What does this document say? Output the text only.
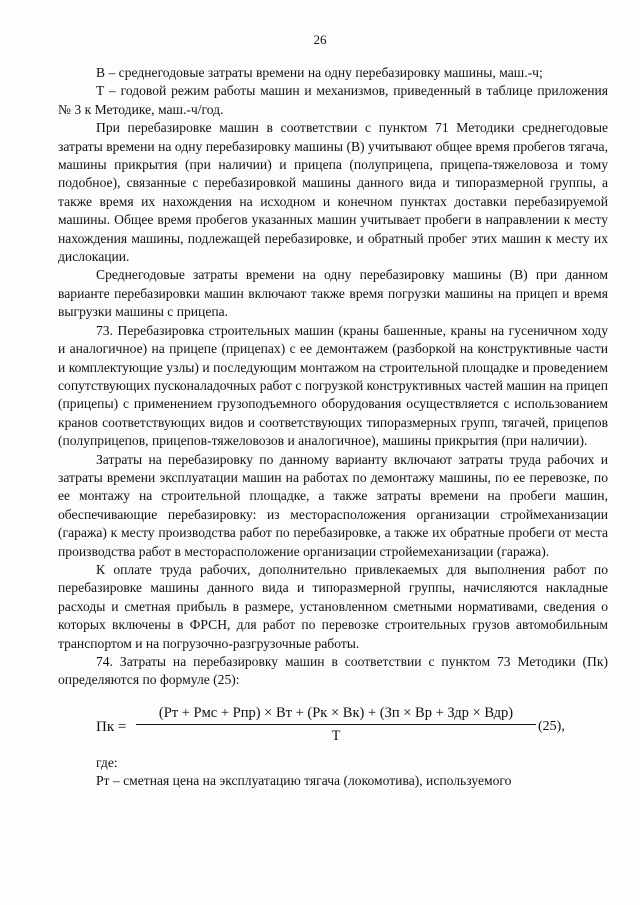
26

В – среднегодовые затраты времени на одну перебазировку машины, маш.-ч;

Т – годовой режим работы машин и механизмов, приведенный в таблице приложения № 3 к Методике, маш.-ч/год.

При перебазировке машин в соответствии с пунктом 71 Методики среднегодовые затраты времени на одну перебазировку машины (В) учитывают общее время пробегов тягача, машины прикрытия (при наличии) и прицепа (полуприцепа, прицепа-тяжеловоза и тому подобное), связанные с перебазировкой машины данного вида и типоразмерной группы, а также время их нахождения на исходном и конечном пунктах доставки перебазируемой машины. Общее время пробегов указанных машин учитывает пробеги в направлении к месту нахождения машины, подлежащей перебазировке, и обратный пробег этих машин к месту их дислокации.

Среднегодовые затраты времени на одну перебазировку машины (В) при данном варианте перебазировки машин включают также время погрузки машины на прицеп и время выгрузки машины с прицепа.

73. Перебазировка строительных машин (краны башенные, краны на гусеничном ходу и аналогичное) на прицепе (прицепах) с ее демонтажем (разборкой на конструктивные части и комплектующие узлы) и последующим монтажом на строительной площадке и проведением сопутствующих пусконаладочных работ с погрузкой конструктивных частей машин на прицеп (прицепы) с применением грузоподъемного оборудования осуществляется с использованием кранов соответствующих видов и соответствующих типоразмерных групп, тягачей, прицепов (полуприцепов, прицепов-тяжеловозов и аналогичное), машины прикрытия (при наличии).

Затраты на перебазировку по данному варианту включают затраты труда рабочих и затраты времени эксплуатации машин на работах по демонтажу машины, по ее перевозке, по ее монтажу на строительной площадке, а также затраты времени на пробеги машин, обеспечивающие перебазировку: из месторасположения организации строймеханизации (гаража) к месту производства работ по перебазировке, а также их обратные пробеги от места производства работ в месторасположение организации стройемеханизации (гаража).

К оплате труда рабочих, дополнительно привлекаемых для выполнения работ по перебазировке машины данного вида и типоразмерной группы, начисляются накладные расходы и сметная прибыль в размере, установленном сметными нормативами, сведения о которых включены в ФРСН, для работ по перевозке строительных грузов автомобильным транспортом и на погрузочно-разгрузочные работы.

74. Затраты на перебазировку машин в соответствии с пунктом 73 Методики (Пк) определяются по формуле (25):

Пк =
(Рт + Рмс + Рпр) × Вт + (Рк × Вк) + (Зп × Вр + Здр × Вдр)
Т
(25),

где:

Рт – сметная цена на эксплуатацию тягача (локомотива), используемого
